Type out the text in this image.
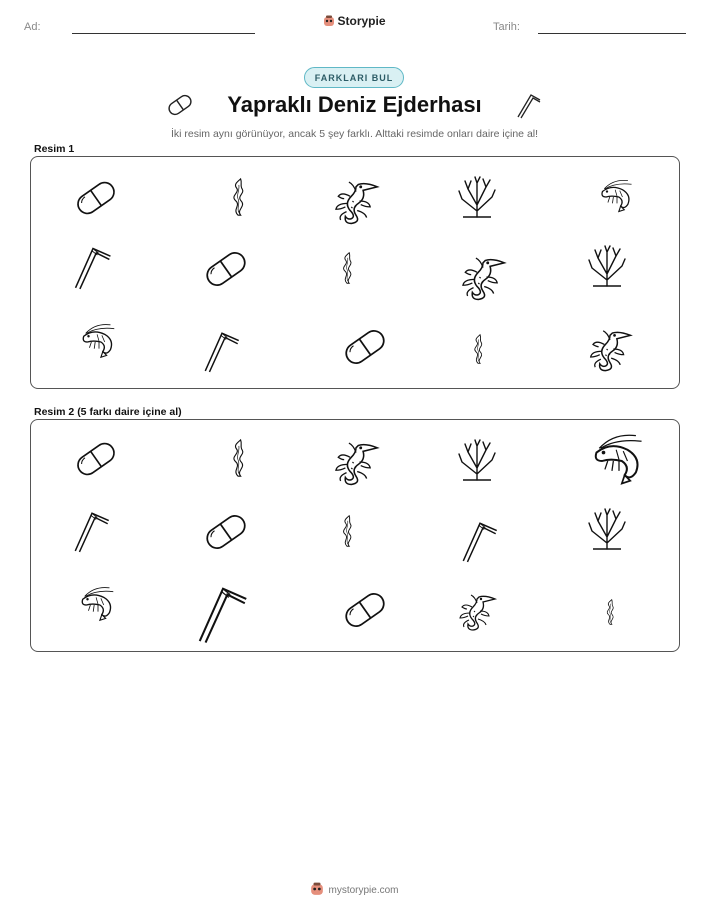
Ad:	Storypie	Tarih:
FARKLARI BUL
Yapraklı Deniz Ejderhası
İki resim aynı görünüyor, ancak 5 şey farklı. Alttaki resimde onları daire içine al!
Resim 1
Resim 2 (5 farkı daire içine al)
mystorypie.com
